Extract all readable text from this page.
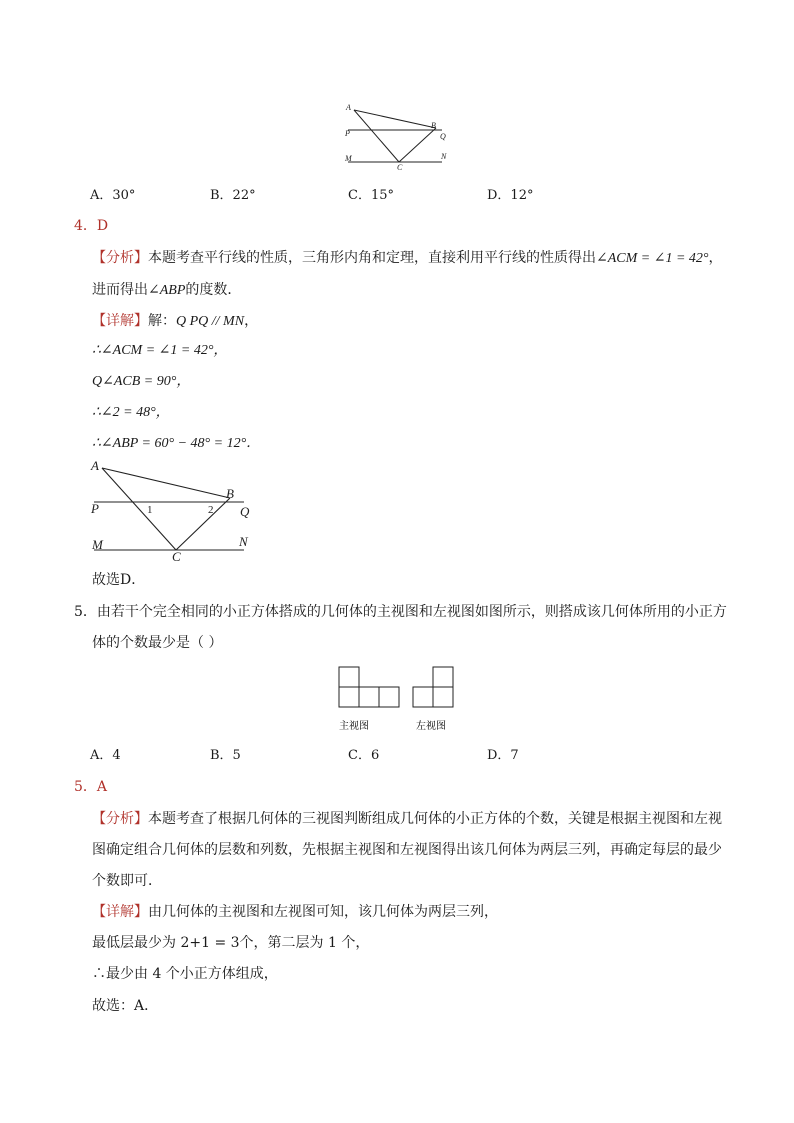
A
B
P	Q
M	N
C
A．30°	B．22°	C．15°	D．12°
4．D
【分析】本题考查平行线的性质，三角形内角和定理，直接利用平行线的性质得出∠ACM = ∠1 = 42°，
进而得出∠ABP的度数．
【详解】解：Q PQ // MN，
∴∠ACM = ∠1 = 42°，
Q∠ACB = 90°，
∴∠2 = 48°，
∴∠ABP = 60° − 48° = 12°．
A
B
P	Q
M	N
C
1	2
故选D．
5．由若干个完全相同的小正方体搭成的几何体的主视图和左视图如图所示，则搭成该几何体所用的小正方
体的个数最少是（ ）
主视图	左视图
A．4	B．5	C．6	D．7
5．A
【分析】本题考查了根据几何体的三视图判断组成几何体的小正方体的个数，关键是根据主视图和左视
图确定组合几何体的层数和列数，先根据主视图和左视图得出该几何体为两层三列，再确定每层的最少
个数即可．
【详解】由几何体的主视图和左视图可知，该几何体为两层三列，
最低层最少为 2+1 = 3个，第二层为 1 个，
∴最少由 4 个小正方体组成，
故选：A．
